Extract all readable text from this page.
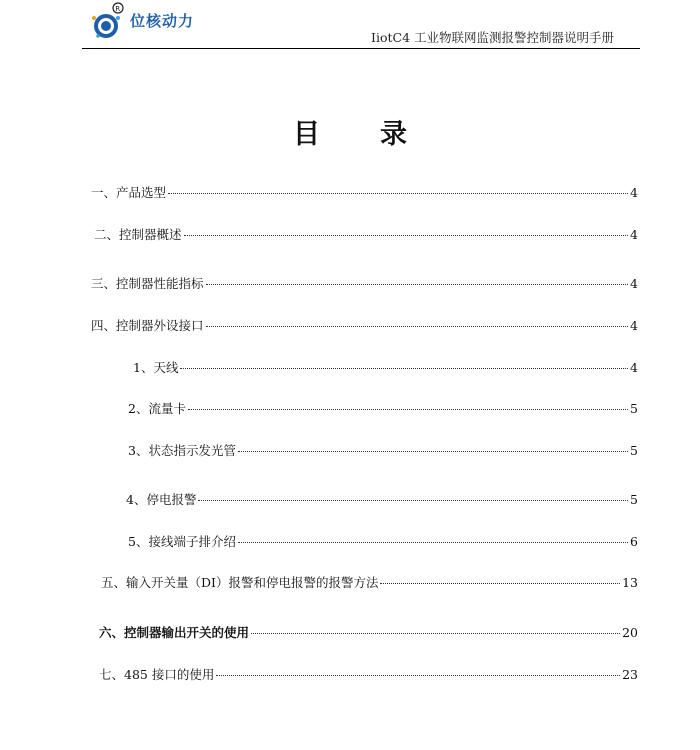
R
位核动力
IiotC4 工业物联网监测报警控制器说明手册
目 录
一、产品选型	4
二、控制器概述	4
三、控制器性能指标	4
四、控制器外设接口	4
1、天线	4
2、流量卡	5
3、状态指示发光管	5
4、停电报警	5
5、接线端子排介绍	6
五、输入开关量（DI）报警和停电报警的报警方法	13
六、控制器输出开关的使用	20
七、485 接口的使用	23
